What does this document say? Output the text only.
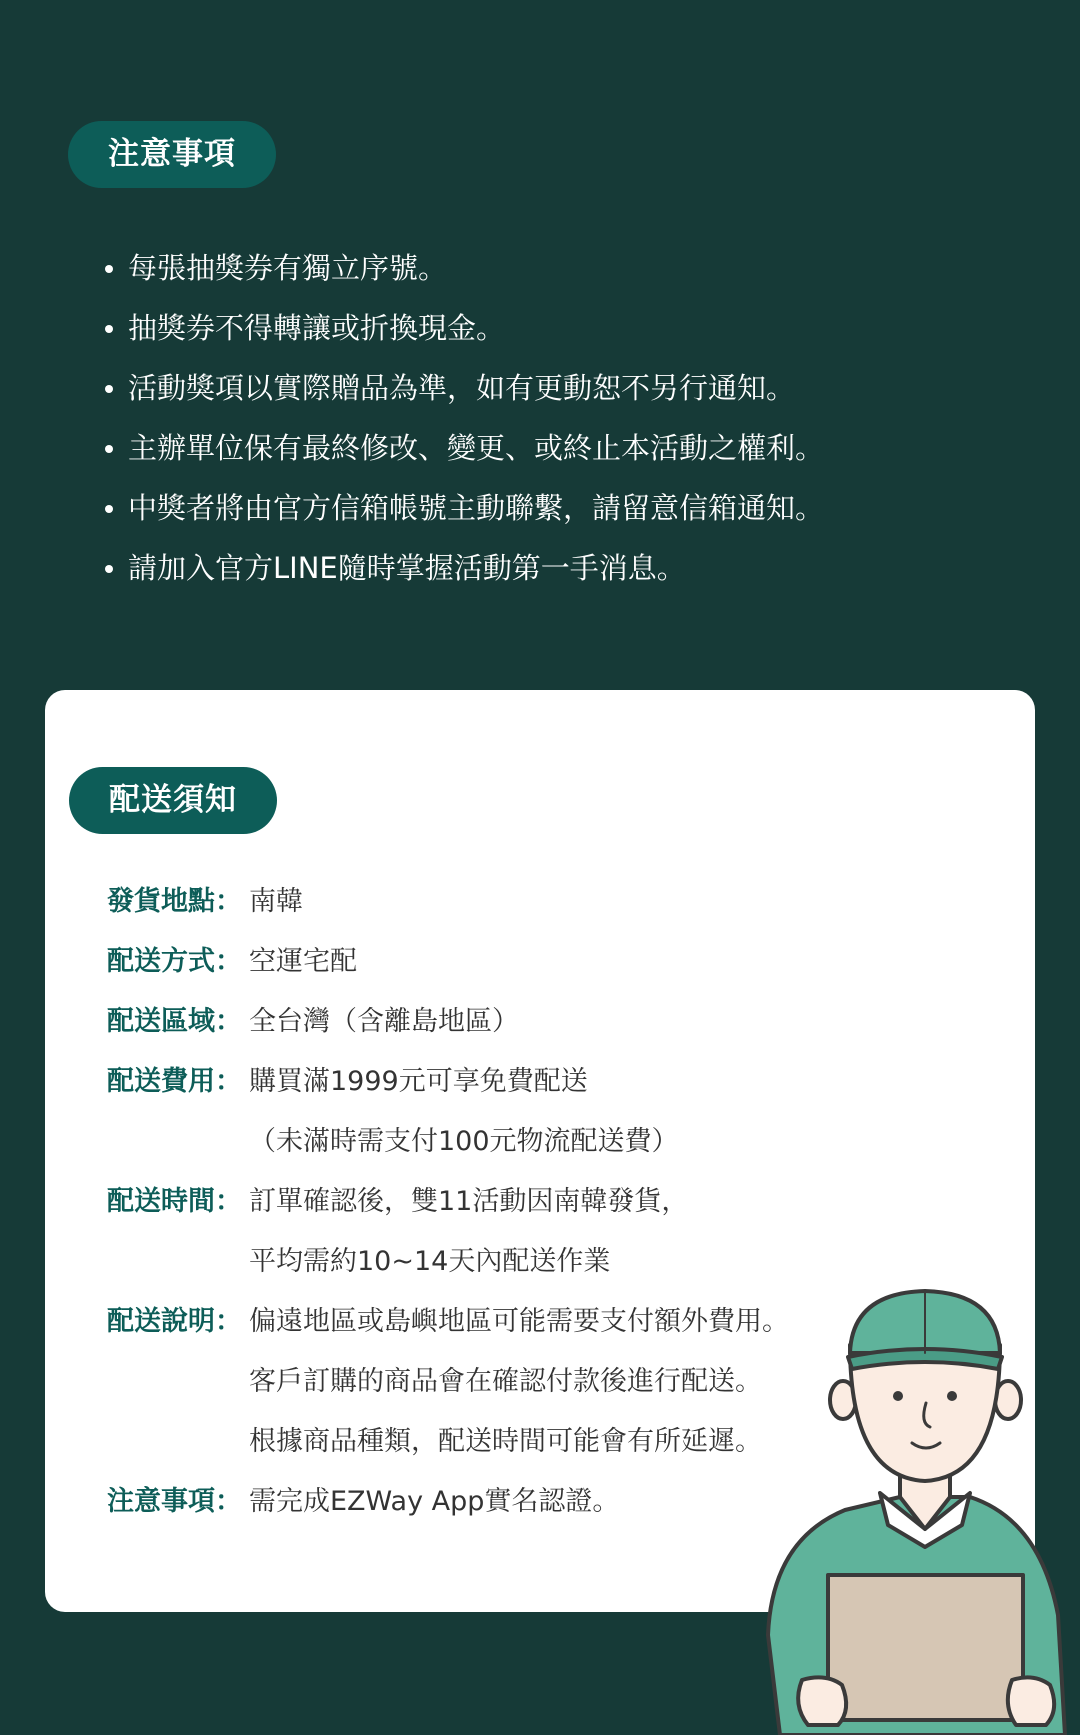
注意事項
每張抽獎券有獨立序號。
抽獎券不得轉讓或折換現金。
活動獎項以實際贈品為準，如有更動恕不另行通知。
主辦單位保有最終修改、變更、或終止本活動之權利。
中獎者將由官方信箱帳號主動聯繫，請留意信箱通知。
請加入官方LINE隨時掌握活動第一手消息。
配送須知
發貨地點： 南韓
配送方式： 空運宅配
配送區域： 全台灣（含離島地區）
配送費用： 購買滿1999元可享免費配送
（未滿時需支付100元物流配送費）
配送時間： 訂單確認後，雙11活動因南韓發貨，
平均需約10~14天內配送作業
配送說明： 偏遠地區或島嶼地區可能需要支付額外費用。
客戶訂購的商品會在確認付款後進行配送。
根據商品種類，配送時間可能會有所延遲。
注意事項： 需完成EZWay App實名認證。
